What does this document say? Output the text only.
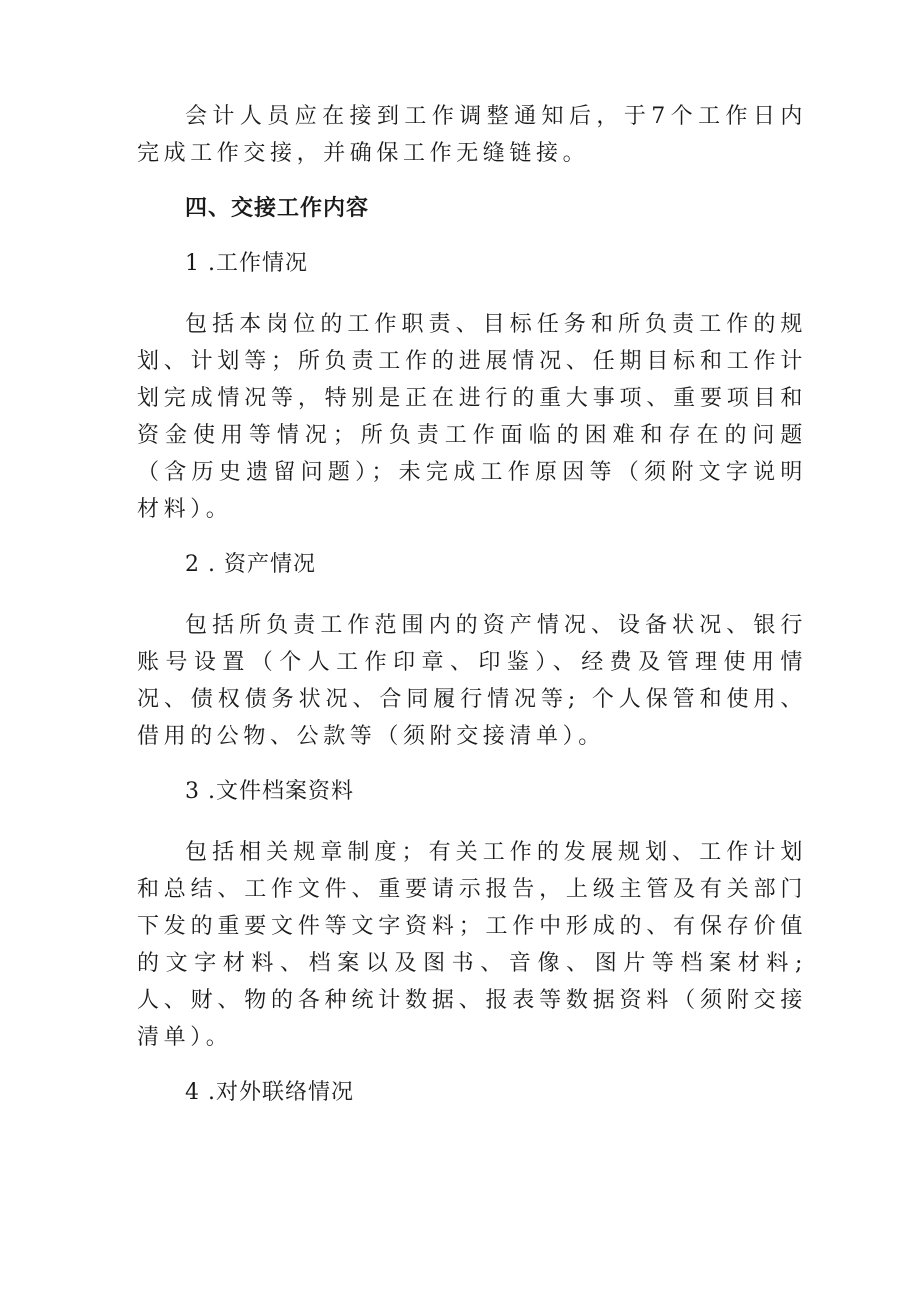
会计人员应在接到工作调整通知后，于7个工作日内完成工作交接，并确保工作无缝链接。

四、交接工作内容

1 .工作情况

包括本岗位的工作职责、目标任务和所负责工作的规划、计划等；所负责工作的进展情况、任期目标和工作计划完成情况等，特别是正在进行的重大事项、重要项目和资金使用等情况；所负责工作面临的困难和存在的问题（含历史遗留问题）；未完成工作原因等（须附文字说明材料）。

2 . 资产情况

包括所负责工作范围内的资产情况、设备状况、银行账号设置（个人工作印章、印鉴）、经费及管理使用情况、债权债务状况、合同履行情况等; 个人保管和使用、借用的公物、公款等（须附交接清单）。

3 .文件档案资料

包括相关规章制度；有关工作的发展规划、工作计划和总结、工作文件、重要请示报告，上级主管及有关部门下发的重要文件等文字资料；工作中形成的、有保存价值的文字材料、档案以及图书、音像、图片等档案材料;人、财、物的各种统计数据、报表等数据资料（须附交接清单）。

4 .对外联络情况
